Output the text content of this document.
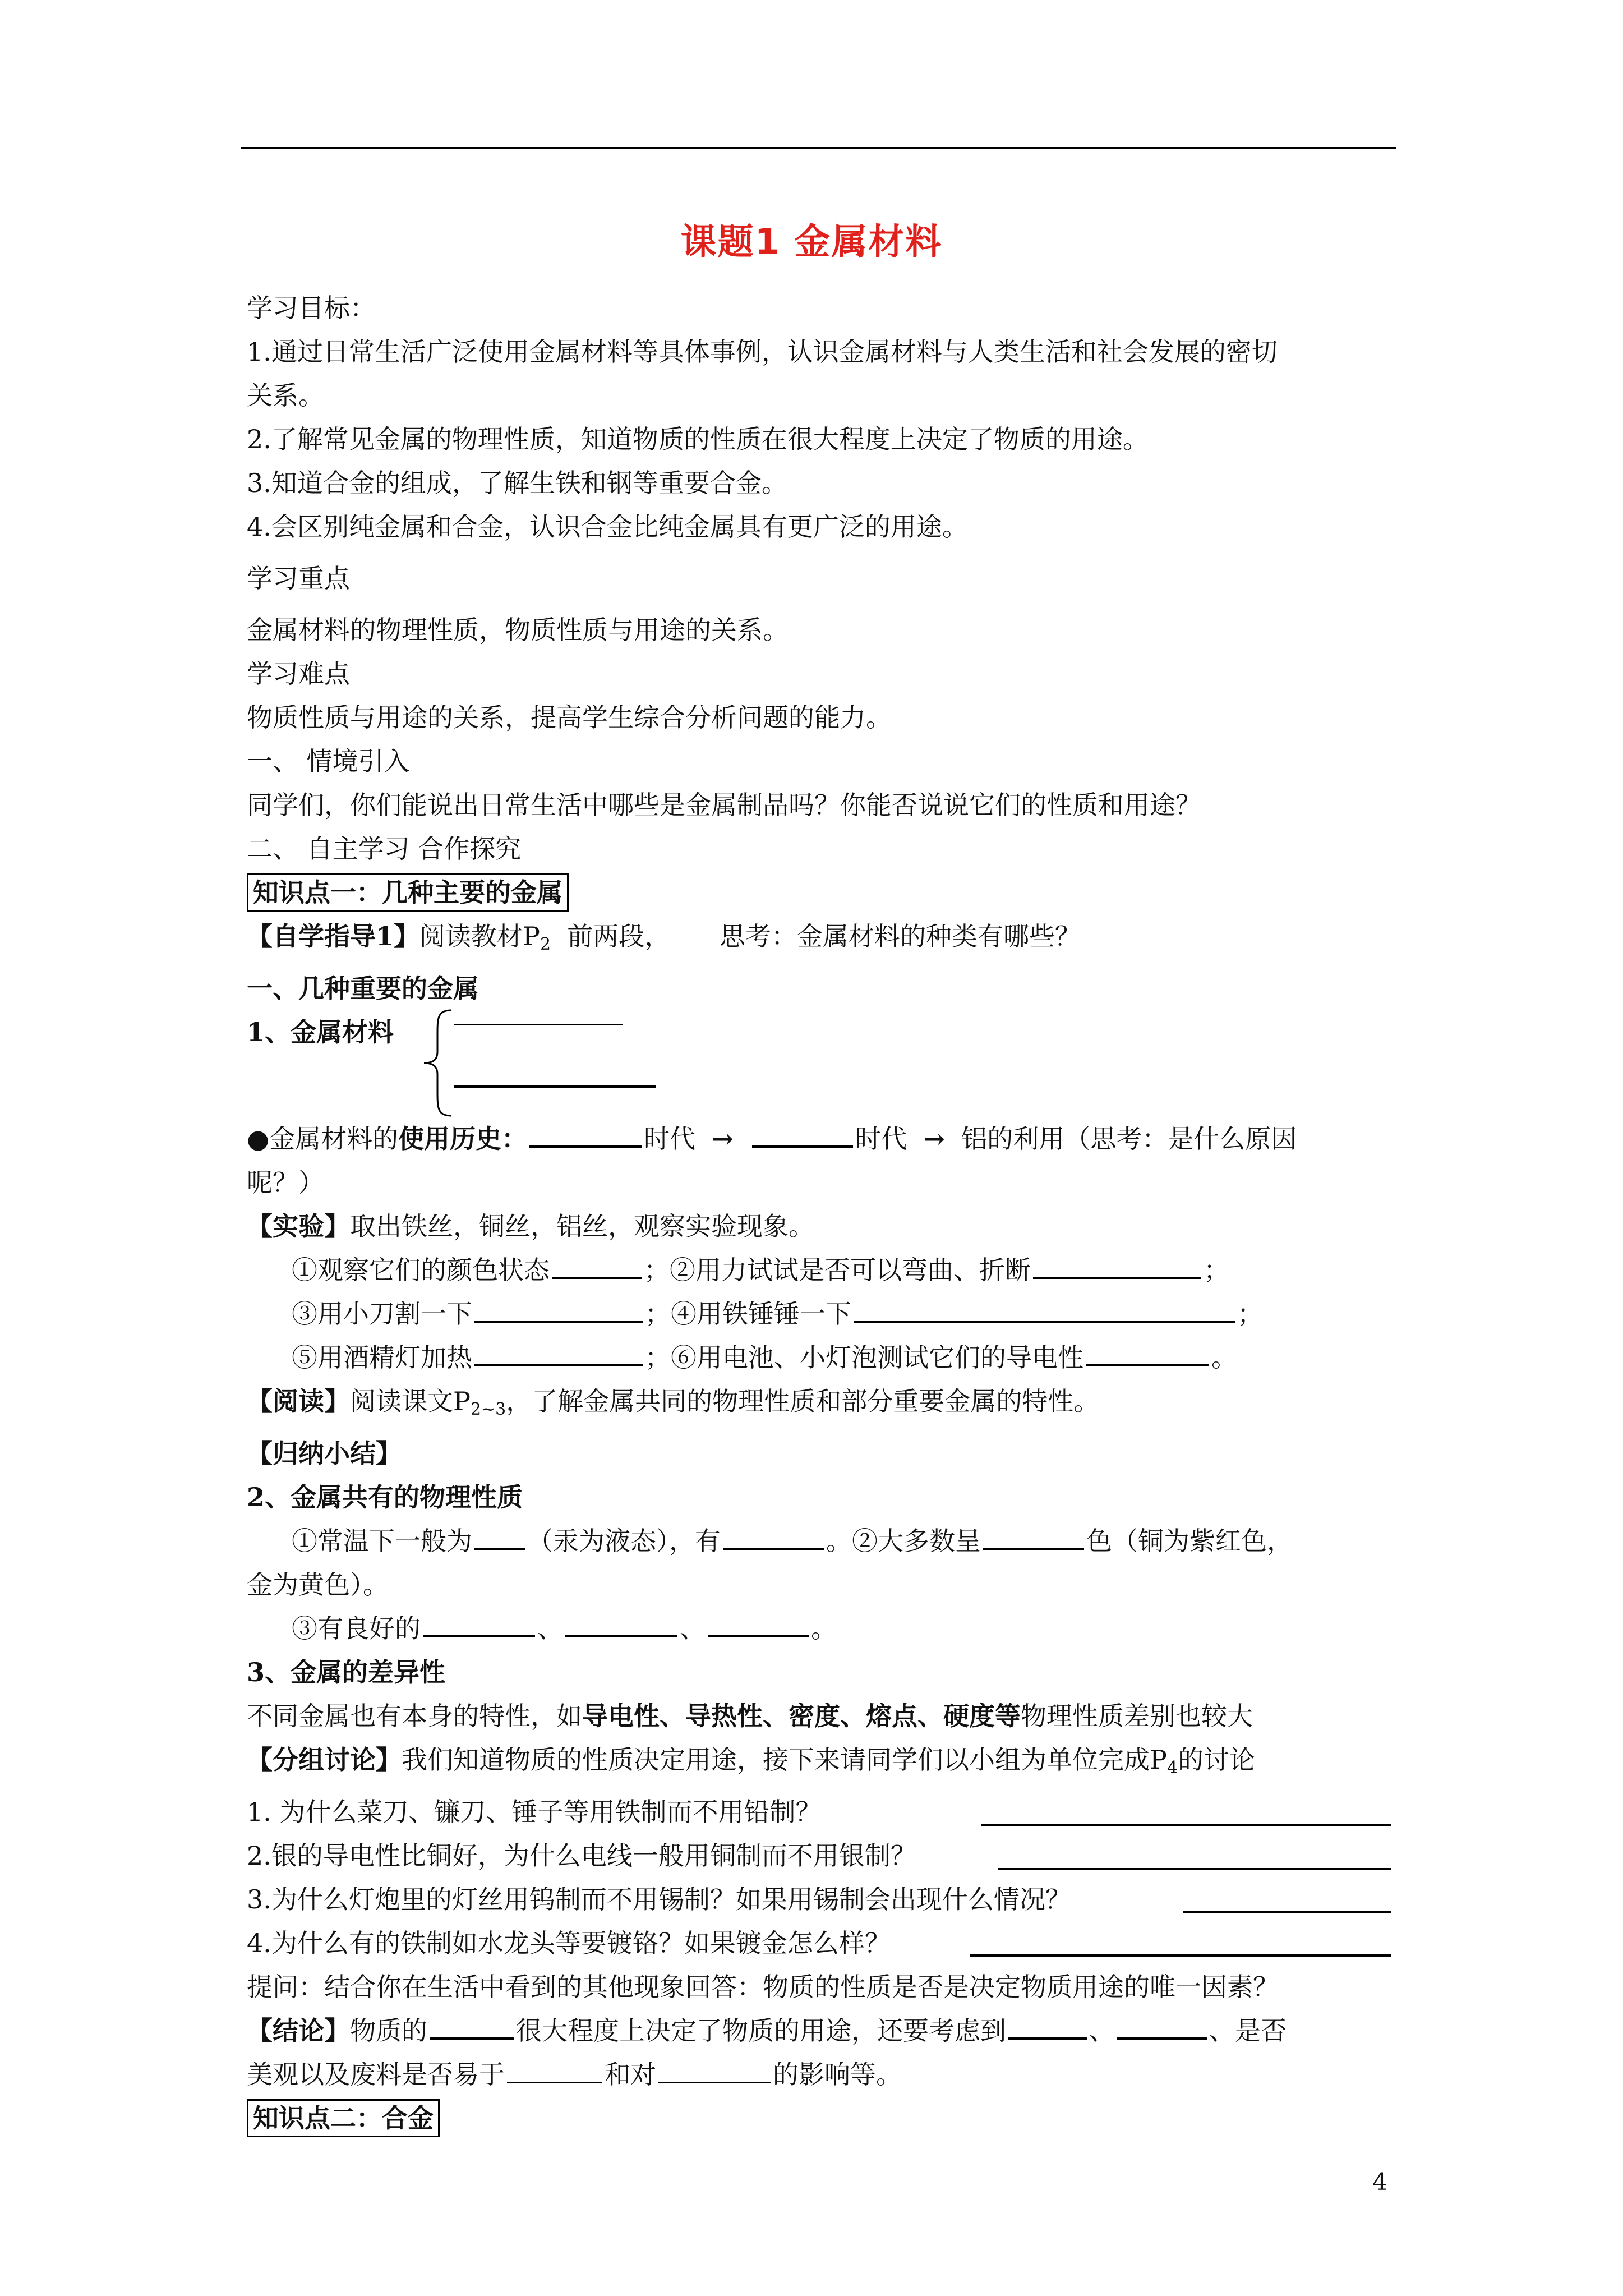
课题1 金属材料
学习目标：
1.通过日常生活广泛使用金属材料等具体事例，认识金属材料与人类生活和社会发展的密切
关系。
2.了解常见金属的物理性质，知道物质的性质在很大程度上决定了物质的用途。
3.知道合金的组成，了解生铁和钢等重要合金。
4.会区别纯金属和合金，认识合金比纯金属具有更广泛的用途。
学习重点
金属材料的物理性质，物质性质与用途的关系。
学习难点
物质性质与用途的关系，提高学生综合分析问题的能力。
一、 情境引入
同学们，你们能说出日常生活中哪些是金属制品吗？你能否说说它们的性质和用途？
二、 自主学习 合作探究
知识点一：几种主要的金属
【自学指导1】阅读教材$P_2$  前两段，      思考：金属材料的种类有哪些？
一、几种重要的金属
1、金属材料
●金属材料的使用历史：	时代 →	时代 → 铝的利用（思考：是什么原因
呢？）
【实验】取出铁丝，铜丝，铝丝，观察实验现象。
①观察它们的颜色状态	；②用力试试是否可以弯曲、折断	；
③用小刀割一下	；④用铁锤锤一下	；
⑤用酒精灯加热	；⑥用电池、小灯泡测试它们的导电性	。
【阅读】阅读课文$P_{2\sim 3}$，了解金属共同的物理性质和部分重要金属的特性。
【归纳小结】
2、金属共有的物理性质
①常温下一般为 （汞为液态），有	。②大多数呈	色（铜为紫红色，
金为黄色）。
③有良好的	、	、	。
3、金属的差异性
不同金属也有本身的特性，如导电性、导热性、密度、熔点、硬度等物理性质差别也较大
【分组讨论】我们知道物质的性质决定用途，接下来请同学们以小组为单位完成$P_4$的讨论
1. 为什么菜刀、镰刀、锤子等用铁制而不用铅制？
2.银的导电性比铜好，为什么电线一般用铜制而不用银制？
3.为什么灯炮里的灯丝用钨制而不用锡制？如果用锡制会出现什么情况？
4.为什么有的铁制如水龙头等要镀铬？如果镀金怎么样？
提问：结合你在生活中看到的其他现象回答：物质的性质是否是决定物质用途的唯一因素？
【结论】物质的	很大程度上决定了物质的用途，还要考虑到	、	、是否
美观以及废料是否易于	和对	的影响等。
知识点二：合金
4
